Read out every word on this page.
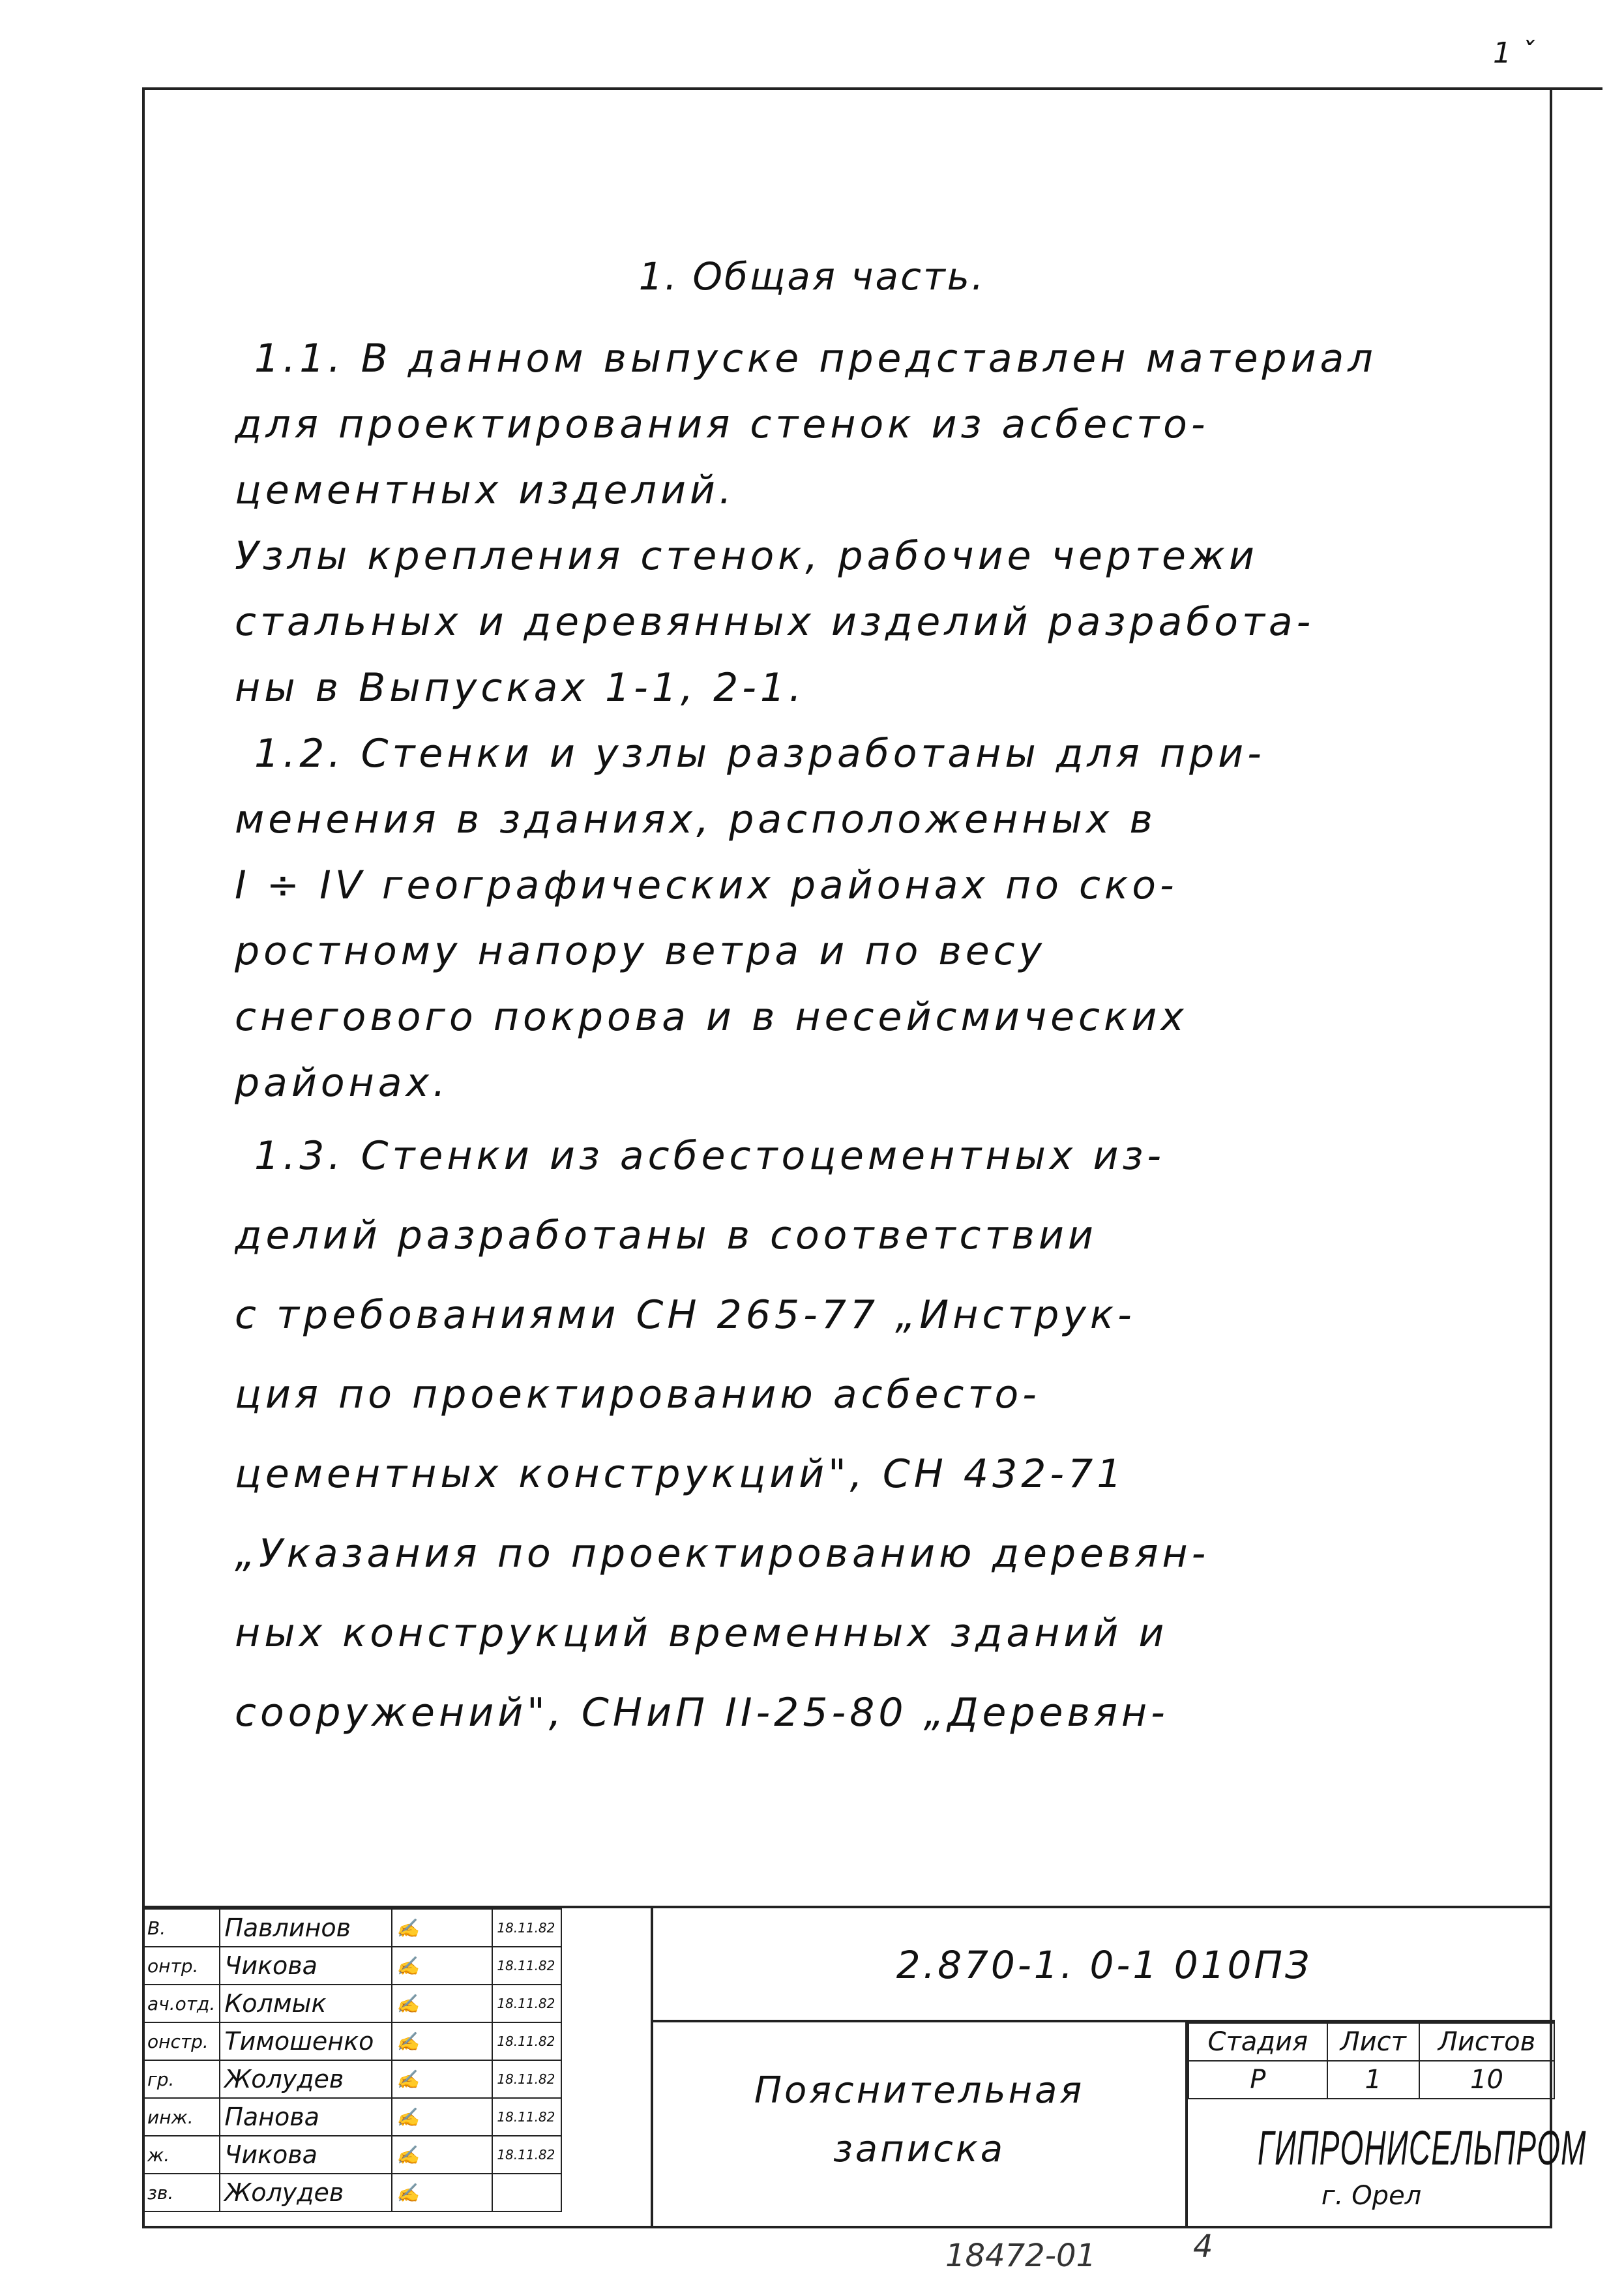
1 ˇ
1. Общая часть.
1.1. В данном выпуске представлен материал
для проектирования стенок из асбесто-
цементных изделий.
Узлы крепления стенок, рабочие чертежи
стальных и деревянных изделий разработа-
ны в Выпусках 1-1, 2-1.
1.2. Стенки и узлы разработаны для при-
менения в зданиях, расположенных в
I ÷ IV географических районах по ско-
ростному напору ветра и по весу
снегового покрова и в несейсмических
районах.
1.3. Стенки из асбестоцементных из-
делий разработаны в соответствии
с требованиями СН 265-77 „Инструк-
ция по проектированию асбесто-
цементных конструкций", СН 432-71
„Указания по проектированию деревян-
ных конструкций временных зданий и
сооружений", СНиП II-25-80 „Деревян-
В.	Павлинов	✍	18.11.82
онтр.	Чикова	✍	18.11.82
ач.отд.	Колмык	✍	18.11.82
онстр.	Тимошенко	✍	18.11.82
гр.	Жолудев	✍	18.11.82
инж.	Панова	✍	18.11.82
ж.	Чикова	✍	18.11.82
зв.	Жолудев	✍	
2.870-1. 0-1 010ПЗ
Пояснительная
записка
Стадия	Лист	Листов
Р	1	10
ГИПРОНИСЕЛЬПРОМ
г. Орел
18472-01	4
